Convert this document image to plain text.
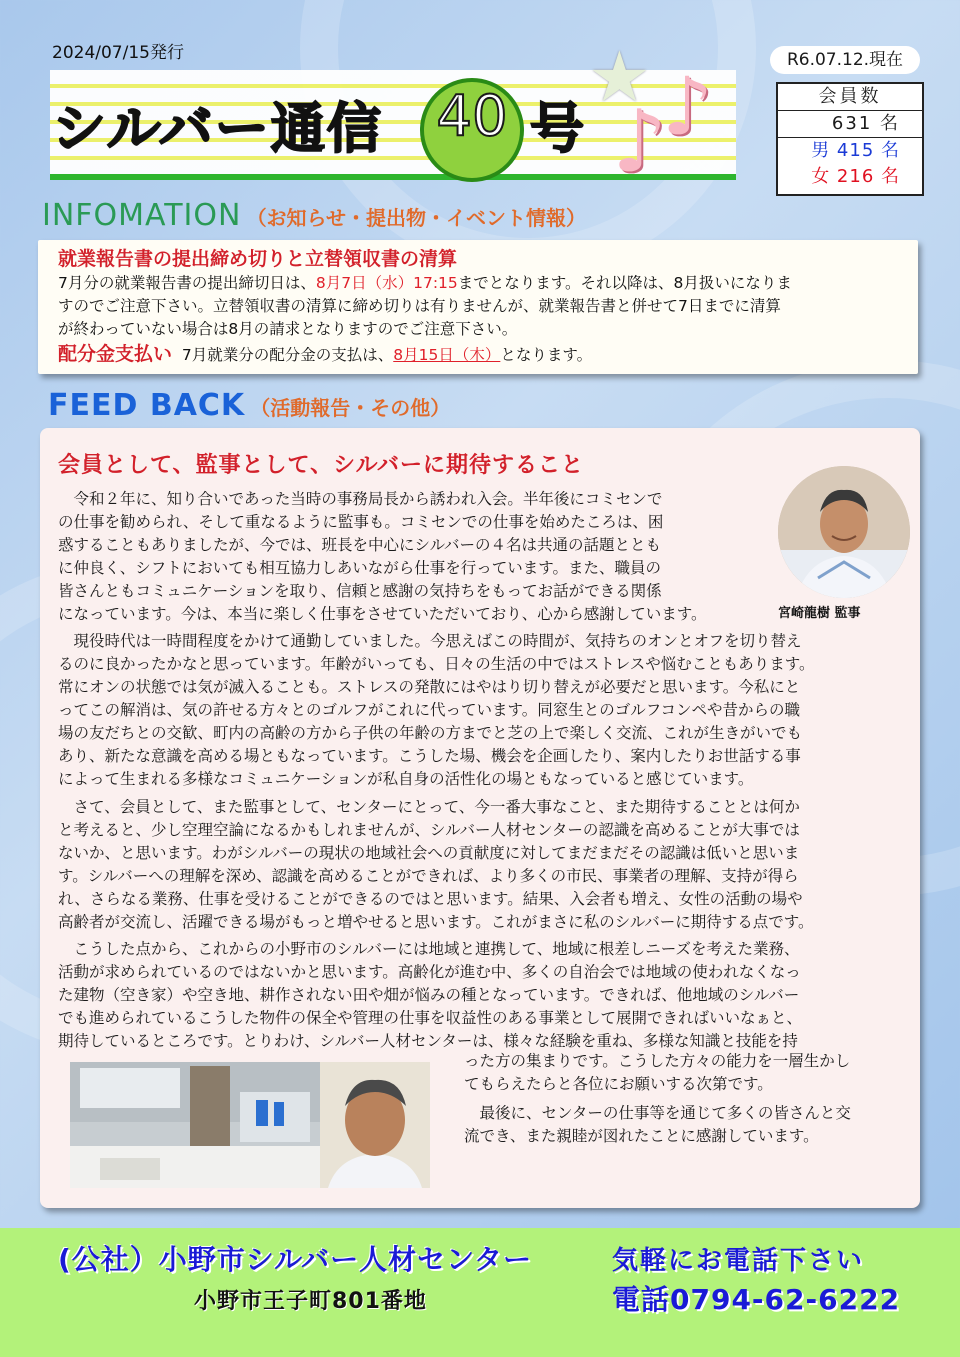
2024/07/15発行
シルバー通信 40 号
★
♪
♪	R6.07.12.現在
会員数
631 名
男 415 名
女 216 名
INFOMATION （お知らせ・提出物・イベント情報）
就業報告書の提出締め切りと立替領収書の清算
7月分の就業報告書の提出締切日は、8月7日（水）17:15までとなります。それ以降は、8月扱いになりま
すのでご注意下さい。立替領収書の清算に締め切りは有りませんが、就業報告書と併せて7日までに清算
が終わっていない場合は8月の請求となりますのでご注意下さい。
配分金支払い 7月就業分の配分金の支払は、8月15日（木）となります。
FEED BACK （活動報告・その他）
会員として、監事として、シルバーに期待すること
宮崎龍樹 監事
令和２年に、知り合いであった当時の事務局長から誘われ入会。半年後にコミセンで
の仕事を勧められ、そして重なるように監事も。コミセンでの仕事を始めたころは、困
惑することもありましたが、今では、班長を中心にシルバーの４名は共通の話題ととも
に仲良く、シフトにおいても相互協力しあいながら仕事を行っています。また、職員の
皆さんともコミュニケーションを取り、信頼と感謝の気持ちをもってお話ができる関係
になっています。今は、本当に楽しく仕事をさせていただいており、心から感謝しています。
現役時代は一時間程度をかけて通勤していました。今思えばこの時間が、気持ちのオンとオフを切り替え
るのに良かったかなと思っています。年齢がいっても、日々の生活の中ではストレスや悩むこともあります。
常にオンの状態では気が滅入ることも。ストレスの発散にはやはり切り替えが必要だと思います。今私にと
ってこの解消は、気の許せる方々とのゴルフがこれに代っています。同窓生とのゴルフコンペや昔からの職
場の友だちとの交歓、町内の高齢の方から子供の年齢の方までと芝の上で楽しく交流、これが生きがいでも
あり、新たな意識を高める場ともなっています。こうした場、機会を企画したり、案内したりお世話する事
によって生まれる多様なコミュニケーションが私自身の活性化の場ともなっていると感じています。
さて、会員として、また監事として、センターにとって、今一番大事なこと、また期待することとは何か
と考えると、少し空理空論になるかもしれませんが、シルバー人材センターの認識を高めることが大事では
ないか、と思います。わがシルバーの現状の地域社会への貢献度に対してまだまだその認識は低いと思いま
す。シルバーへの理解を深め、認識を高めることができれば、より多くの市民、事業者の理解、支持が得ら
れ、さらなる業務、仕事を受けることができるのではと思います。結果、入会者も増え、女性の活動の場や
高齢者が交流し、活躍できる場がもっと増やせると思います。これがまさに私のシルバーに期待する点です。
こうした点から、これからの小野市のシルバーには地域と連携して、地域に根差しニーズを考えた業務、
活動が求められているのではないかと思います。高齢化が進む中、多くの自治会では地域の使われなくなっ
た建物（空き家）や空き地、耕作されない田や畑が悩みの種となっています。できれば、他地域のシルバー
でも進められているこうした物件の保全や管理の仕事を収益性のある事業として展開できればいいなぁと、
期待しているところです。とりわけ、シルバー人材センターは、様々な経験を重ね、多様な知識と技能を持
った方の集まりです。こうした方々の能力を一層生かし
てもらえたらと各位にお願いする次第です。
最後に、センターの仕事等を通じて多くの皆さんと交
流でき、また親睦が図れたことに感謝しています。
(公社）小野市シルバー人材センター
小野市王子町801番地
気軽にお電話下さい
電話0794-62-6222
